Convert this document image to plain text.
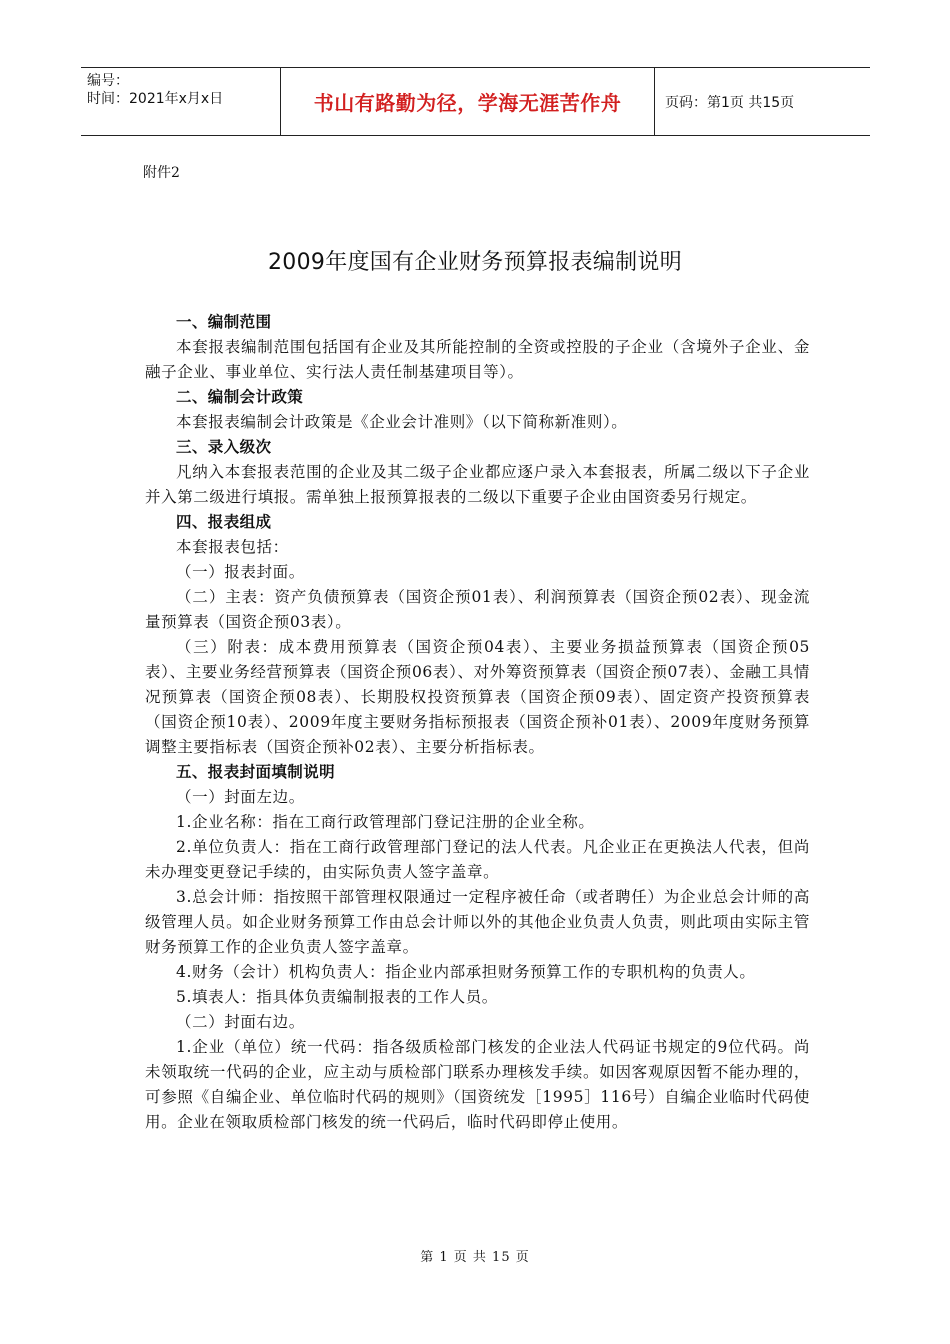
编号：
时间：2021年x月x日	书山有路勤为径，学海无涯苦作舟	页码：第1页 共15页
附件2
2009年度国有企业财务预算报表编制说明

一、编制范围

本套报表编制范围包括国有企业及其所能控制的全资或控股的子企业（含境外子企业、金融子企业、事业单位、实行法人责任制基建项目等）。

二、编制会计政策

本套报表编制会计政策是《企业会计准则》（以下简称新准则）。

三、录入级次

凡纳入本套报表范围的企业及其二级子企业都应逐户录入本套报表，所属二级以下子企业并入第二级进行填报。需单独上报预算报表的二级以下重要子企业由国资委另行规定。

四、报表组成

本套报表包括：

（一）报表封面。

（二）主表：资产负债预算表（国资企预01表）、利润预算表（国资企预02表）、现金流量预算表（国资企预03表）。

（三）附表：成本费用预算表（国资企预04表）、主要业务损益预算表（国资企预05表）、主要业务经营预算表（国资企预06表）、对外筹资预算表（国资企预07表）、金融工具情况预算表（国资企预08表）、长期股权投资预算表（国资企预09表）、固定资产投资预算表（国资企预10表）、2009年度主要财务指标预报表（国资企预补01表）、2009年度财务预算调整主要指标表（国资企预补02表）、主要分析指标表。

五、报表封面填制说明

（一）封面左边。

1.企业名称：指在工商行政管理部门登记注册的企业全称。

2.单位负责人：指在工商行政管理部门登记的法人代表。凡企业正在更换法人代表，但尚未办理变更登记手续的，由实际负责人签字盖章。

3.总会计师：指按照干部管理权限通过一定程序被任命（或者聘任）为企业总会计师的高级管理人员。如企业财务预算工作由总会计师以外的其他企业负责人负责，则此项由实际主管财务预算工作的企业负责人签字盖章。

4.财务（会计）机构负责人：指企业内部承担财务预算工作的专职机构的负责人。

5.填表人：指具体负责编制报表的工作人员。

（二）封面右边。

1.企业（单位）统一代码：指各级质检部门核发的企业法人代码证书规定的9位代码。尚未领取统一代码的企业，应主动与质检部门联系办理核发手续。如因客观原因暂不能办理的，可参照《自编企业、单位临时代码的规则》（国资统发［1995］116号）自编企业临时代码使用。企业在领取质检部门核发的统一代码后，临时代码即停止使用。

第 1 页 共 15 页
